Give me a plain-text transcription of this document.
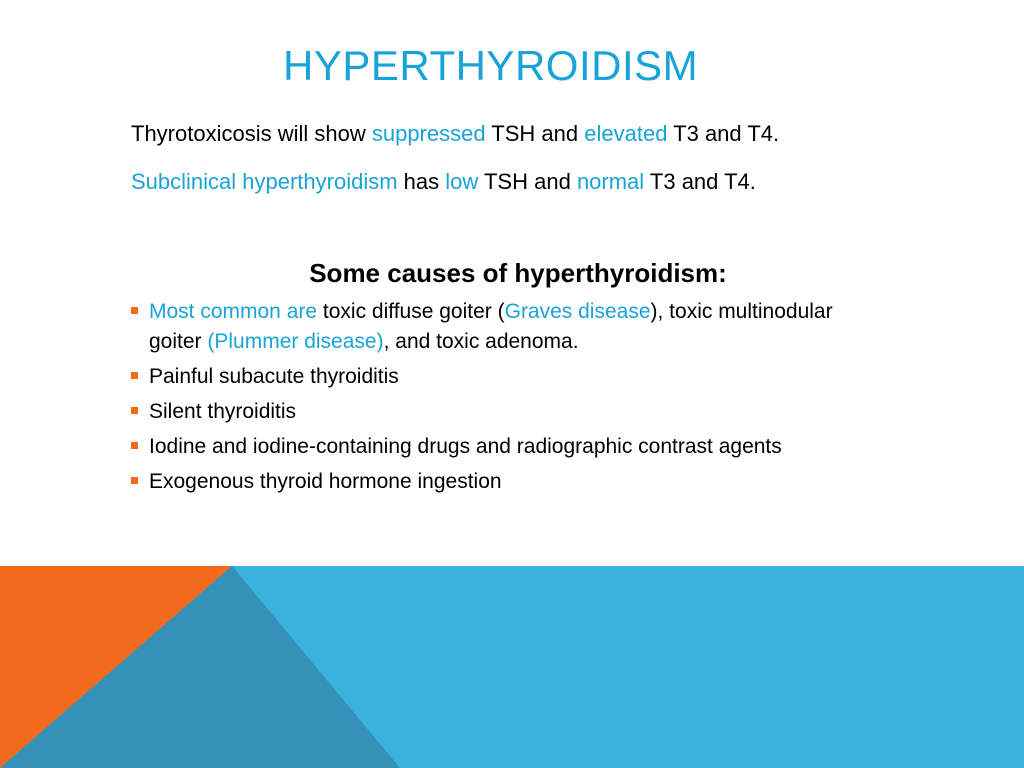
HYPERTHYROIDISM

Thyrotoxicosis will show suppressed TSH and elevated T3 and T4. Subclinical hyperthyroidism has low TSH and normal T3 and T4.

Some causes of hyperthyroidism:
Most common are toxic diffuse goiter (Graves disease), toxic multinodular goiter (Plummer disease), and toxic adenoma.
Painful subacute thyroiditis
Silent thyroiditis
Iodine and iodine-containing drugs and radiographic contrast agents
Exogenous thyroid hormone ingestion
